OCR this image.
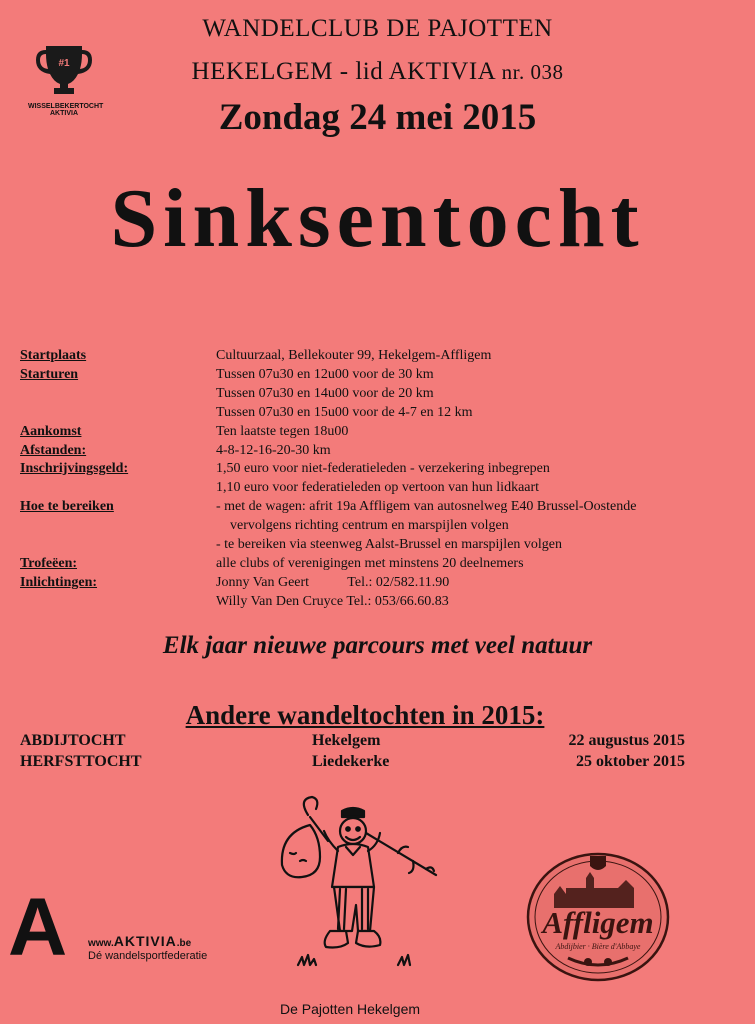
#1
WISSELBEKERTOCHT
AKTIVIA
WANDELCLUB DE PAJOTTEN
HEKELGEM - lid AKTIVIA nr. 038
Zondag 24 mei 2015
Sinksentocht
Startplaats	Cultuurzaal, Bellekouter 99, Hekelgem-Affligem
Starturen	Tussen 07u30 en 12u00 voor de 30 km
Tussen 07u30 en 14u00 voor de 20 km
Tussen 07u30 en 15u00 voor de 4-7 en 12 km
Aankomst	Ten laatste tegen 18u00
Afstanden:	4-8-12-16-20-30 km
Inschrijvingsgeld:	1,50 euro voor niet-federatieleden - verzekering inbegrepen
1,10 euro voor federatieleden op vertoon van hun lidkaart
Hoe te bereiken	- met de wagen: afrit 19a Affligem van autosnelweg E40 Brussel-Oostende
vervolgens richting centrum en marspijlen volgen
- te bereiken via steenweg Aalst-Brussel en marspijlen volgen
Trofeëen:	alle clubs of verenigingen met minstens 20 deelnemers
Inlichtingen:	Jonny Van Geert           Tel.: 02/582.11.90
Willy Van Den Cruyce Tel.: 053/66.60.83
Elk jaar nieuwe parcours met veel natuur
Andere wandeltochten in 2015:
ABDIJTOCHT	Hekelgem	22 augustus 2015
HERFSTTOCHT	Liedekerke	25 oktober 2015
A www.AKTIVIA.be
Dé wandelsportfederatie
Affligem
Abdijbier · Bière d'Abbaye
De Pajotten Hekelgem
